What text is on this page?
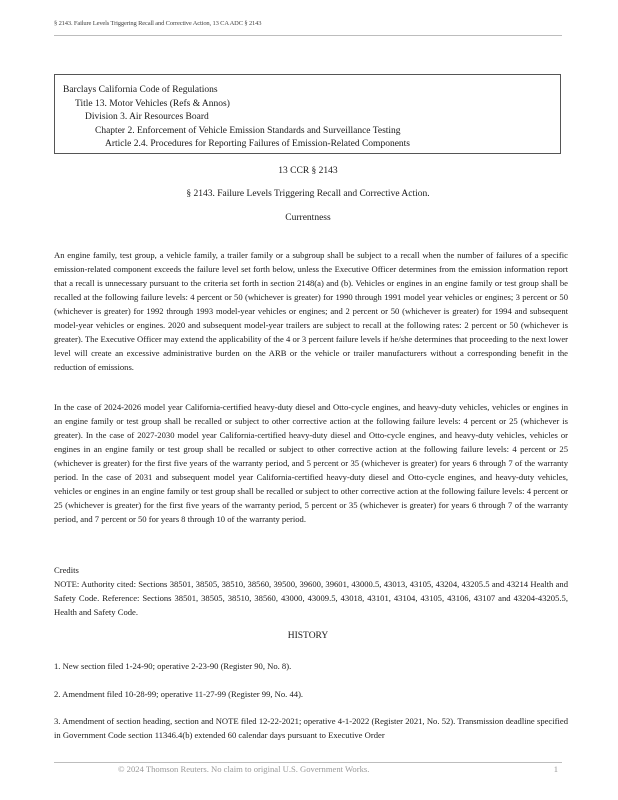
§ 2143. Failure Levels Triggering Recall and Corrective Action, 13 CA ADC § 2143
Barclays California Code of Regulations
Title 13. Motor Vehicles (Refs & Annos)
Division 3. Air Resources Board
Chapter 2. Enforcement of Vehicle Emission Standards and Surveillance Testing
Article 2.4. Procedures for Reporting Failures of Emission-Related Components
13 CCR § 2143
§ 2143. Failure Levels Triggering Recall and Corrective Action.
Currentness
An engine family, test group, a vehicle family, a trailer family or a subgroup shall be subject to a recall when the number of failures of a specific emission-related component exceeds the failure level set forth below, unless the Executive Officer determines from the emission information report that a recall is unnecessary pursuant to the criteria set forth in section 2148(a) and (b). Vehicles or engines in an engine family or test group shall be recalled at the following failure levels: 4 percent or 50 (whichever is greater) for 1990 through 1991 model year vehicles or engines; 3 percent or 50 (whichever is greater) for 1992 through 1993 model-year vehicles or engines; and 2 percent or 50 (whichever is greater) for 1994 and subsequent model-year vehicles or engines. 2020 and subsequent model-year trailers are subject to recall at the following rates: 2 percent or 50 (whichever is greater). The Executive Officer may extend the applicability of the 4 or 3 percent failure levels if he/she determines that proceeding to the next lower level will create an excessive administrative burden on the ARB or the vehicle or trailer manufacturers without a corresponding benefit in the reduction of emissions.
In the case of 2024-2026 model year California-certified heavy-duty diesel and Otto-cycle engines, and heavy-duty vehicles, vehicles or engines in an engine family or test group shall be recalled or subject to other corrective action at the following failure levels: 4 percent or 25 (whichever is greater). In the case of 2027-2030 model year California-certified heavy-duty diesel and Otto-cycle engines, and heavy-duty vehicles, vehicles or engines in an engine family or test group shall be recalled or subject to other corrective action at the following failure levels: 4 percent or 25 (whichever is greater) for the first five years of the warranty period, and 5 percent or 35 (whichever is greater) for years 6 through 7 of the warranty period. In the case of 2031 and subsequent model year California-certified heavy-duty diesel and Otto-cycle engines, and heavy-duty vehicles, vehicles or engines in an engine family or test group shall be recalled or subject to other corrective action at the following failure levels: 4 percent or 25 (whichever is greater) for the first five years of the warranty period, 5 percent or 35 (whichever is greater) for years 6 through 7 of the warranty period, and 7 percent or 50 for years 8 through 10 of the warranty period.
Credits
NOTE: Authority cited: Sections 38501, 38505, 38510, 38560, 39500, 39600, 39601, 43000.5, 43013, 43105, 43204, 43205.5 and 43214 Health and Safety Code. Reference: Sections 38501, 38505, 38510, 38560, 43000, 43009.5, 43018, 43101, 43104, 43105, 43106, 43107 and 43204-43205.5, Health and Safety Code.
HISTORY
1. New section filed 1-24-90; operative 2-23-90 (Register 90, No. 8).
2. Amendment filed 10-28-99; operative 11-27-99 (Register 99, No. 44).
3. Amendment of section heading, section and NOTE filed 12-22-2021; operative 4-1-2022 (Register 2021, No. 52). Transmission deadline specified in Government Code section 11346.4(b) extended 60 calendar days pursuant to Executive Order
© 2024 Thomson Reuters. No claim to original U.S. Government Works.	1
